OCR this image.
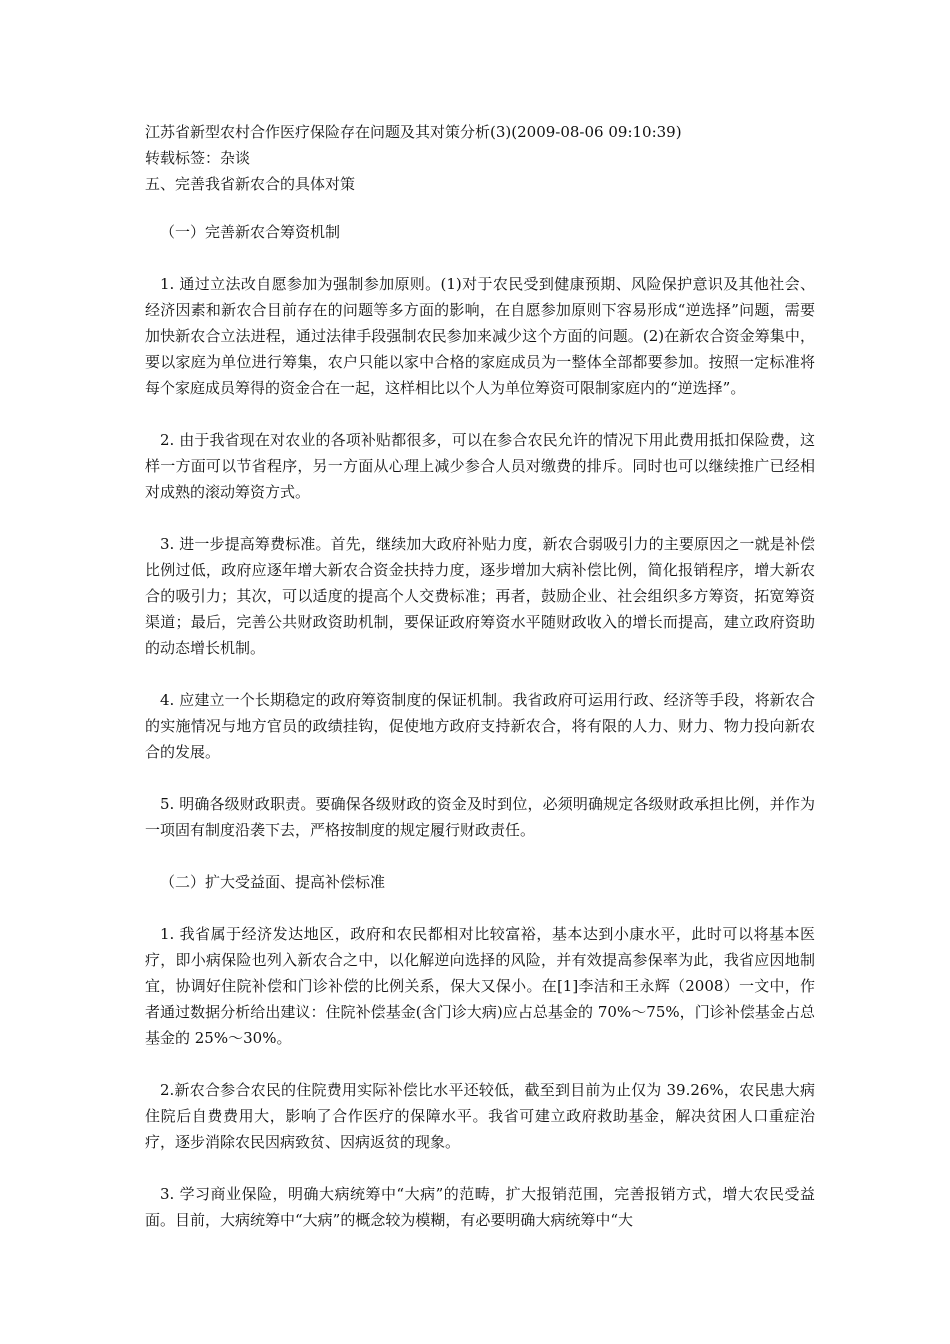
江苏省新型农村合作医疗保险存在问题及其对策分析(3)(2009-08-06 09:10:39)

转载标签：杂谈

五、完善我省新农合的具体对策

（一）完善新农合筹资机制

1. 通过立法改自愿参加为强制参加原则。(1)对于农民受到健康预期、风险保护意识及其他社会、经济因素和新农合目前存在的问题等多方面的影响，在自愿参加原则下容易形成“逆选择”问题，需要加快新农合立法进程，通过法律手段强制农民参加来减少这个方面的问题。(2)在新农合资金筹集中，要以家庭为单位进行筹集，农户只能以家中合格的家庭成员为一整体全部都要参加。按照一定标准将每个家庭成员筹得的资金合在一起，这样相比以个人为单位筹资可限制家庭内的“逆选择”。

2. 由于我省现在对农业的各项补贴都很多，可以在参合农民允许的情况下用此费用抵扣保险费，这样一方面可以节省程序，另一方面从心理上减少参合人员对缴费的排斥。同时也可以继续推广已经相对成熟的滚动筹资方式。

3. 进一步提高筹费标准。首先，继续加大政府补贴力度，新农合弱吸引力的主要原因之一就是补偿比例过低，政府应逐年增大新农合资金扶持力度，逐步增加大病补偿比例，简化报销程序，增大新农合的吸引力；其次，可以适度的提高个人交费标准；再者，鼓励企业、社会组织多方筹资，拓宽筹资渠道；最后，完善公共财政资助机制，要保证政府筹资水平随财政收入的增长而提高，建立政府资助的动态增长机制。

4. 应建立一个长期稳定的政府筹资制度的保证机制。我省政府可运用行政、经济等手段，将新农合的实施情况与地方官员的政绩挂钩，促使地方政府支持新农合，将有限的人力、财力、物力投向新农合的发展。

5. 明确各级财政职责。要确保各级财政的资金及时到位，必须明确规定各级财政承担比例，并作为一项固有制度沿袭下去，严格按制度的规定履行财政责任。

（二）扩大受益面、提高补偿标准

1. 我省属于经济发达地区，政府和农民都相对比较富裕，基本达到小康水平，此时可以将基本医疗，即小病保险也列入新农合之中，以化解逆向选择的风险，并有效提高参保率为此，我省应因地制宜，协调好住院补偿和门诊补偿的比例关系，保大又保小。在[1]李洁和王永辉（2008）一文中，作者通过数据分析给出建议：住院补偿基金(含门诊大病)应占总基金的 70%～75%，门诊补偿基金占总基金的 25%～30%。

2.新农合参合农民的住院费用实际补偿比水平还较低，截至到目前为止仅为 39.26%，农民患大病住院后自费费用大，影响了合作医疗的保障水平。我省可建立政府救助基金，解决贫困人口重症治疗，逐步消除农民因病致贫、因病返贫的现象。

3. 学习商业保险，明确大病统筹中“大病”的范畴，扩大报销范围，完善报销方式，增大农民受益面。目前，大病统筹中“大病”的概念较为模糊，有必要明确大病统筹中“大
